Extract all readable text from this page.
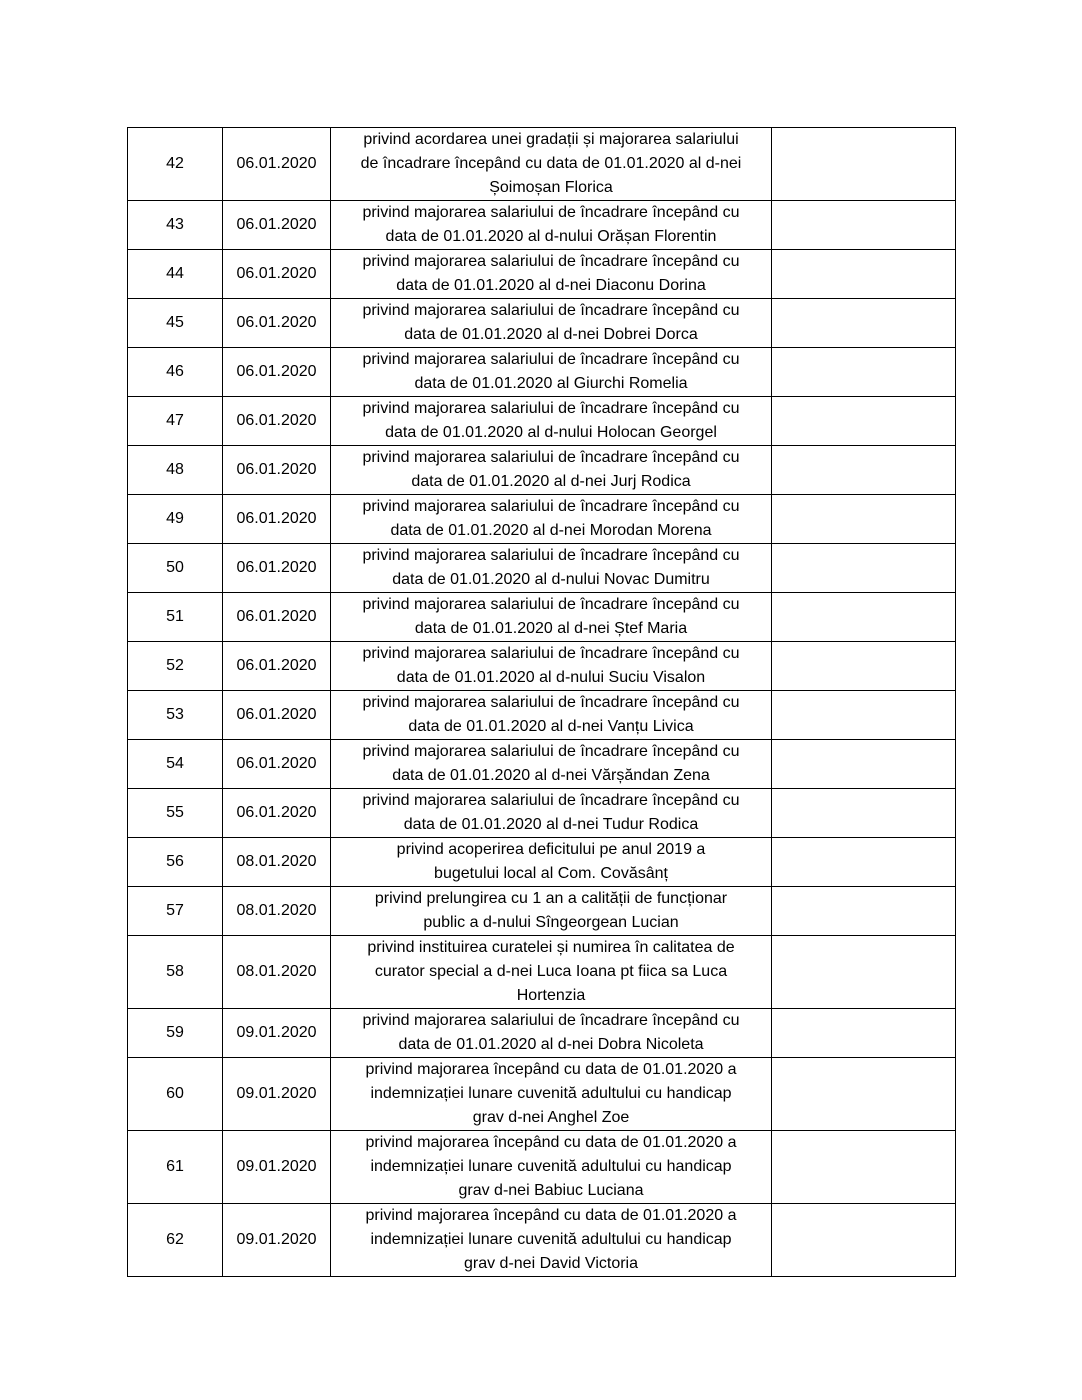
42	06.01.2020	privind acordarea unei gradații și majorarea salariului
de încadrare începând cu data de 01.01.2020 al d-nei
Șoimoșan Florica	

43	06.01.2020	privind majorarea salariului de încadrare începând cu
data de 01.01.2020 al d-nului Orășan Florentin	

44	06.01.2020	privind majorarea salariului de încadrare începând cu
data de 01.01.2020 al d-nei Diaconu Dorina	

45	06.01.2020	privind majorarea salariului de încadrare începând cu
data de 01.01.2020 al d-nei Dobrei Dorca	

46	06.01.2020	privind majorarea salariului de încadrare începând cu
data de 01.01.2020 al Giurchi Romelia	

47	06.01.2020	privind majorarea salariului de încadrare începând cu
data de 01.01.2020 al d-nului Holocan Georgel	

48	06.01.2020	privind majorarea salariului de încadrare începând cu
data de 01.01.2020 al d-nei Jurj Rodica	

49	06.01.2020	privind majorarea salariului de încadrare începând cu
data de 01.01.2020 al d-nei Morodan Morena	

50	06.01.2020	privind majorarea salariului de încadrare începând cu
data de 01.01.2020 al d-nului Novac Dumitru	

51	06.01.2020	privind majorarea salariului de încadrare începând cu
data de 01.01.2020 al d-nei Ștef Maria	

52	06.01.2020	privind majorarea salariului de încadrare începând cu
data de 01.01.2020 al d-nului Suciu Visalon	

53	06.01.2020	privind majorarea salariului de încadrare începând cu
data de 01.01.2020 al d-nei Vanțu Livica	

54	06.01.2020	privind majorarea salariului de încadrare începând cu
data de 01.01.2020 al d-nei Vărșăndan Zena	

55	06.01.2020	privind majorarea salariului de încadrare începând cu
data de 01.01.2020 al d-nei Tudur Rodica	

56	08.01.2020	privind acoperirea deficitului pe anul 2019 a
bugetului local al Com. Covăsânț	

57	08.01.2020	privind prelungirea cu 1 an a calității de funcționar
public a d-nului Sîngeorgean Lucian	

58	08.01.2020	privind instituirea curatelei și numirea în calitatea de
curator special a d-nei Luca Ioana pt fiica sa Luca
Hortenzia	

59	09.01.2020	privind majorarea salariului de încadrare începând cu
data de 01.01.2020 al d-nei Dobra Nicoleta	

60	09.01.2020	privind majorarea începând cu data de 01.01.2020 a
indemnizației lunare cuvenită adultului cu handicap
grav d-nei Anghel Zoe	

61	09.01.2020	privind majorarea începând cu data de 01.01.2020 a
indemnizației lunare cuvenită adultului cu handicap
grav d-nei Babiuc Luciana	

62	09.01.2020	privind majorarea începând cu data de 01.01.2020 a
indemnizației lunare cuvenită adultului cu handicap
grav d-nei David Victoria	
